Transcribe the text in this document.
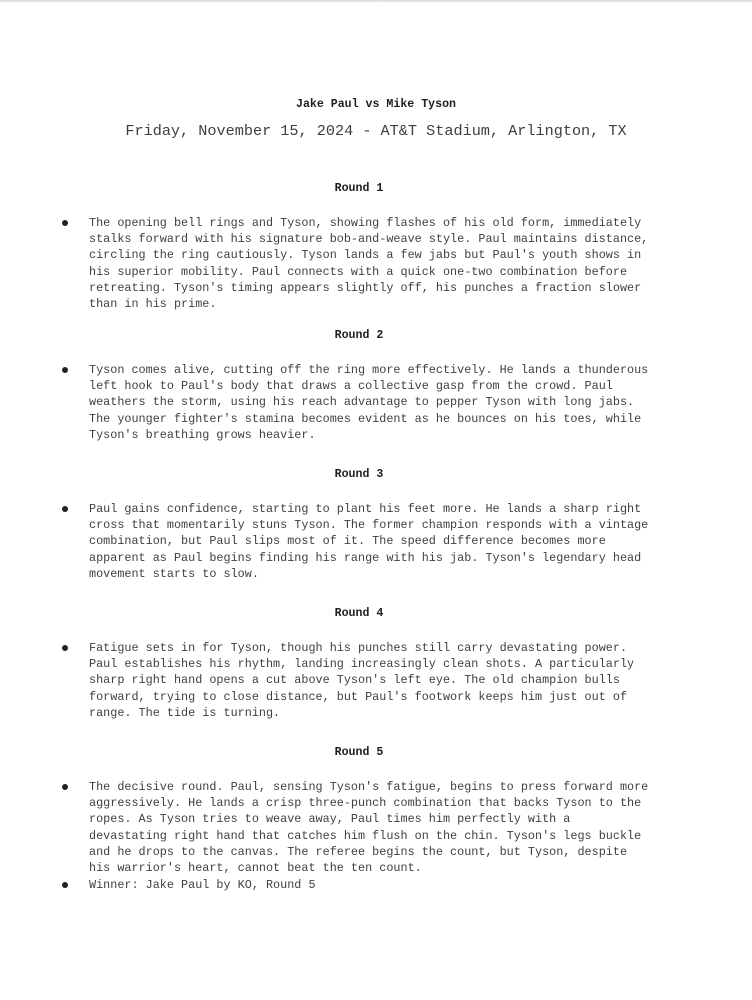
Jake Paul vs Mike Tyson
Friday, November 15, 2024 - AT&T Stadium, Arlington, TX
Round 1
The opening bell rings and Tyson, showing flashes of his old form, immediately
stalks forward with his signature bob-and-weave style. Paul maintains distance,
circling the ring cautiously. Tyson lands a few jabs but Paul's youth shows in
his superior mobility. Paul connects with a quick one-two combination before
retreating. Tyson's timing appears slightly off, his punches a fraction slower
than in his prime.
Round 2
Tyson comes alive, cutting off the ring more effectively. He lands a thunderous
left hook to Paul's body that draws a collective gasp from the crowd. Paul
weathers the storm, using his reach advantage to pepper Tyson with long jabs.
The younger fighter's stamina becomes evident as he bounces on his toes, while
Tyson's breathing grows heavier.
Round 3
Paul gains confidence, starting to plant his feet more. He lands a sharp right
cross that momentarily stuns Tyson. The former champion responds with a vintage
combination, but Paul slips most of it. The speed difference becomes more
apparent as Paul begins finding his range with his jab. Tyson's legendary head
movement starts to slow.
Round 4
Fatigue sets in for Tyson, though his punches still carry devastating power.
Paul establishes his rhythm, landing increasingly clean shots. A particularly
sharp right hand opens a cut above Tyson's left eye. The old champion bulls
forward, trying to close distance, but Paul's footwork keeps him just out of
range. The tide is turning.
Round 5
The decisive round. Paul, sensing Tyson's fatigue, begins to press forward more
aggressively. He lands a crisp three-punch combination that backs Tyson to the
ropes. As Tyson tries to weave away, Paul times him perfectly with a
devastating right hand that catches him flush on the chin. Tyson's legs buckle
and he drops to the canvas. The referee begins the count, but Tyson, despite
his warrior's heart, cannot beat the ten count.
Winner: Jake Paul by KO, Round 5
